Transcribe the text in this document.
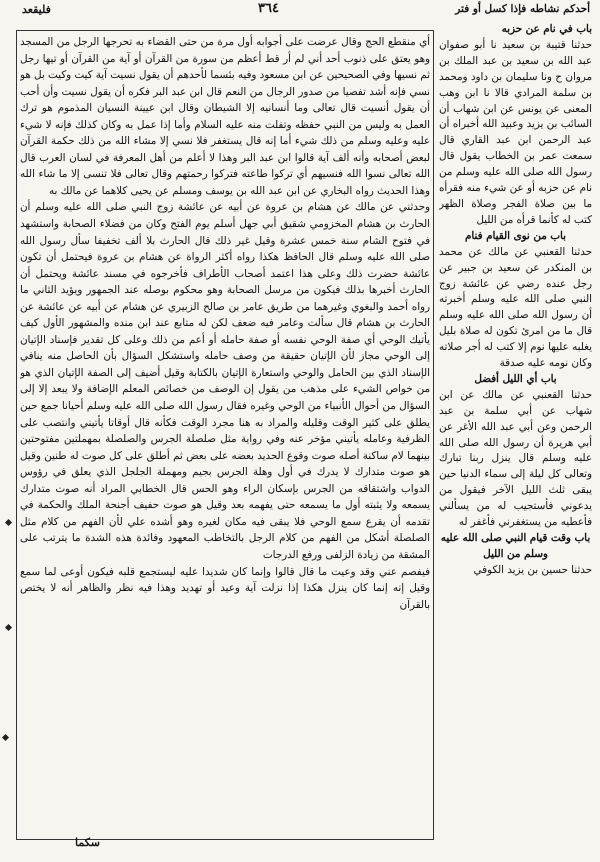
أحدكم نشاطه فإذا كسل أو فتر
٣٦٤
فليقعد

أي منقطع الحج وقال عرضت على أجوابه أول مرة من حتى القضاء به تحرجها الرجل من المسجد وهو يعتق على ذنوب أحد أني لم أر قط أعظم من سورة من القرآن أو آية من القرآن أو تيها رجل ثم نسيها وفي الصحيحين عن ابن مسعود وفيه بئسما لأحدهم أن يقول نسيت آية كيت وكيت بل هو نسي فإنه أشد تفصيا من صدور الرجال من النعم قال ابن عبد البر فكره أن يقول نسيت وأن أحب أن يقول أنسيت قال تعالى وما أنسانيه إلا الشيطان وقال ابن عيينة النسيان المذموم هو ترك العمل به وليس من النبي حفظه وتفلت منه عليه السلام وأما إذا عمل به وكان كذلك فإنه لا شيء عليه وعليه وسلم من ذلك شيء أما إنه قال يستغفر فلا نسي إلا مشاء الله من ذلك حكمة القرآن لبعض أصحابه وأنه ألف آية قالوا ابن عبد البر وهذا لا أعلم من أهل المعرفة في لسان العرب قال الله تعالى نسوا الله فنسيهم أي تركوا طاعته فتركوا رحمتهم وقال تعالى فلا تنسى إلا ما شاء الله وهذا الحديث رواه البخاري عن ابن عبد الله بن يوسف ومسلم عن يحيى كلاهما عن مالك به

وحدثني عن مالك عن هشام بن عروة عن أبيه عن عائشة زوج النبي صلى الله عليه وسلم أن الحارث بن هشام المخزومي شقيق أبي جهل أسلم يوم الفتح وكان من فضلاء الصحابة واستشهد في فتوح الشام سنة خمس عشرة وقيل غير ذلك قال الحارث بلا ألف تخفيفا سأل رسول الله صلى الله عليه وسلم قال الحافظ هكذا رواه أكثر الرواة عن هشام بن عروة فيحتمل أن تكون عائشة حضرت ذلك وعلى هذا اعتمد أصحاب الأطراف فأخرجوه في مسند عائشة ويحتمل أن الحارث أخبرها بذلك فيكون من مرسل الصحابة وهو محكوم بوصله عند الجمهور ويؤيد الثاني ما رواه أحمد والبغوي وغيرهما من طريق عامر بن صالح الزبيري عن هشام عن أبيه عن عائشة عن الحارث بن هشام قال سألت وعامر فيه ضعف لكن له متابع عند ابن منده والمشهور الأول كيف يأتيك الوحي أي صفة الوحي نفسه أو صفة حامله أو أعم من ذلك وعلى كل تقدير فإسناد الإتيان إلى الوحي مجاز لأن الإتيان حقيقة من وصف حامله واستشكل السؤال بأن الحاصل منه ينافي الإسناد الذي بين الحامل والوحي واستعارة الإتيان بالكتابة وقيل أضيف إلى الصفة الإتيان الذي هو من خواص الشيء على مذهب من يقول إن الوصف من خصائص المعلم الإضافة ولا يبعد إلا إلى السؤال من أحوال الأنبياء من الوحي وغيره فقال رسول الله صلى الله عليه وسلم أحيانا جمع حين يطلق على كثير الوقت وقليله والمراد به هنا مجرد الوقت فكأنه قال أوقاتا يأتيني وانتصب على الظرفية وعامله يأتيني مؤخر عنه وفي رواية مثل صلصلة الجرس والصلصلة بمهملتين مفتوحتين بينهما لام ساكنة أصله صوت وقوع الحديد بعضه على بعض ثم أطلق على كل صوت له طنين وقيل هو صوت متدارك لا يدرك في أول وهلة الجرس بجيم ومهملة الجلجل الذي يعلق في رؤوس الدواب واشتقاقه من الجرس بإسكان الراء وهو الحس قال الخطابي المراد أنه صوت متدارك يسمعه ولا يثبته أول ما يسمعه حتى يفهمه بعد وقيل هو صوت حفيف أجنحة الملك والحكمة في تقدمه أن يقرع سمع الوحي فلا يبقى فيه مكان لغيره وهو أشده علي لأن الفهم من كلام مثل الصلصلة أشكل من الفهم من كلام الرجل بالتخاطب المعهود وفائدة هذه الشدة ما يترتب على المشقة من زيادة الزلفى ورفع الدرجات

فيفصم عني وقد وعيت ما قال قالوا وإنما كان شديدا عليه ليستجمع قلبه فيكون أوعى لما سمع وقيل إنه إنما كان ينزل هكذا إذا نزلت آية وعيد أو تهديد وهذا فيه نظر والظاهر أنه لا يختص بالقرآن

باب في نام عن حزبه

حدثنا قتيبة بن سعيد نا أبو صفوان عبد الله بن سعيد بن عبد الملك بن مروان ح ونا سليمان بن داود ومحمد بن سلمة المرادي قالا نا ابن وهب المعنى عن يونس عن ابن شهاب أن السائب بن يزيد وعبيد الله أخبراه أن عبد الرحمن ابن عبد القاري قال سمعت عمر بن الخطاب يقول قال رسول الله صلى الله عليه وسلم من نام عن حزبه أو عن شيء منه فقرأه ما بين صلاة الفجر وصلاة الظهر كتب له كأنما قرأه من الليل

باب من نوى القيام فنام

حدثنا القعنبي عن مالك عن محمد بن المنكدر عن سعيد بن جبير عن رجل عنده رضي عن عائشة زوج النبي صلى الله عليه وسلم أخبرته أن رسول الله صلى الله عليه وسلم قال ما من امرئ تكون له صلاة بليل يغلبه عليها نوم إلا كتب له أجر صلاته وكان نومه عليه صدقة

باب أي الليل أفضل

حدثنا القعنبي عن مالك عن ابن شهاب عن أبي سلمة بن عبد الرحمن وعن أبي عبد الله الأغر عن أبي هريرة أن رسول الله صلى الله عليه وسلم قال ينزل ربنا تبارك وتعالى كل ليلة إلى سماء الدنيا حين يبقى ثلث الليل الآخر فيقول من يدعوني فأستجيب له من يسألني فأعطيه من يستغفرني فأغفر له

باب وقت قيام النبي صلى الله عليه وسلم من الليل

حدثنا حسين بن يزيد الكوفي

سكما
